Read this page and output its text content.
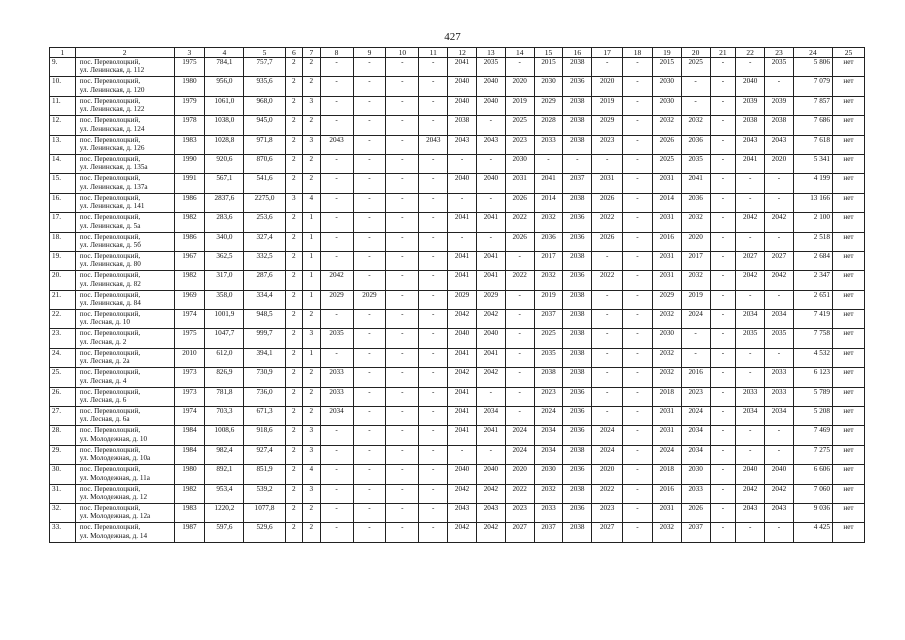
427
1	2	3	4	5	6	7	8	9	10	11	12	13	14	15	16	17	18	19	20	21	22	23	24	25
9.	пос. Переволоцкий,
ул. Ленинская, д. 112	1975	784,1	757,7	2	2	-	-	-	-	2041	2035	-	2015	2038	-	-	2015	2025	-	-	2035	5 806	нет
10.	пос. Переволоцкий,
ул. Ленинская, д. 120	1980	956,0	935,6	2	2	-	-	-	-	2040	2040	2020	2030	2036	2020	-	2030	-	-	2040	-	7 079	нет
11.	пос. Переволоцкий,
ул. Ленинская, д. 122	1979	1061,0	968,0	2	3	-	-	-	-	2040	2040	2019	2029	2038	2019	-	2030	-	-	2039	2039	7 857	нет
12.	пос. Переволоцкий,
ул. Ленинская, д. 124	1978	1038,0	945,0	2	2	-	-	-	-	2038	-	2025	2028	2038	2029	-	2032	2032	-	2038	2038	7 686	нет
13.	пос. Переволоцкий,
ул. Ленинская, д. 126	1983	1028,8	971,8	2	3	2043	-	-	2043	2043	2043	2023	2033	2038	2023	-	2026	2036	-	2043	2043	7 618	нет
14.	пос. Переволоцкий,
ул. Ленинская, д. 135а	1990	920,6	870,6	2	2	-	-	-	-	-	-	2030	-	-	-	-	2025	2035	-	2041	2020	5 341	нет
15.	пос. Переволоцкий,
ул. Ленинская, д. 137а	1991	567,1	541,6	2	2	-	-	-	-	2040	2040	2031	2041	2037	2031	-	2031	2041	-	-	-	4 199	нет
16.	пос. Переволоцкий,
ул. Ленинская, д. 141	1986	2837,6	2275,0	3	4	-	-	-	-	-	-	2026	2014	2038	2026	-	2014	2036	-	-	-	13 166	нет
17.	пос. Переволоцкий,
ул. Ленинская, д. 5а	1982	283,6	253,6	2	1	-	-	-	-	2041	2041	2022	2032	2036	2022	-	2031	2032	-	2042	2042	2 100	нет
18.	пос. Переволоцкий,
ул. Ленинская, д. 5б	1986	340,0	327,4	2	1	-	-	-	-	-	-	2026	2036	2036	2026	-	2016	2020	-	-	-	2 518	нет
19.	пос. Переволоцкий,
ул. Ленинская, д. 80	1967	362,5	332,5	2	1	-	-	-	-	2041	2041	-	2017	2038	-	-	2031	2017	-	2027	2027	2 684	нет
20.	пос. Переволоцкий,
ул. Ленинская, д. 82	1982	317,0	287,6	2	1	2042	-	-	-	2041	2041	2022	2032	2036	2022	-	2031	2032	-	2042	2042	2 347	нет
21.	пос. Переволоцкий,
ул. Ленинская, д. 84	1969	358,0	334,4	2	1	2029	2029	-	-	2029	2029	-	2019	2038	-	-	2029	2019	-	-	-	2 651	нет
22.	пос. Переволоцкий,
ул. Лесная, д. 10	1974	1001,9	948,5	2	2	-	-	-	-	2042	2042	-	2037	2038	-	-	2032	2024	-	2034	2034	7 419	нет
23.	пос. Переволоцкий,
ул. Лесная, д. 2	1975	1047,7	999,7	2	3	2035	-	-	-	2040	2040	-	2025	2038	-	-	2030	-	-	2035	2035	7 758	нет
24.	пос. Переволоцкий,
ул. Лесная, д. 2а	2010	612,0	394,1	2	1	-	-	-	-	2041	2041	-	2035	2038	-	-	2032	-	-	-	-	4 532	нет
25.	пос. Переволоцкий,
ул. Лесная, д. 4	1973	826,9	730,9	2	2	2033	-	-	-	2042	2042	-	2038	2038	-	-	2032	2016	-	-	2033	6 123	нет
26.	пос. Переволоцкий,
ул. Лесная, д. 6	1973	781,8	736,0	2	2	2033	-	-	-	2041	-	-	2023	2036	-	-	2018	2023	-	2033	2033	5 789	нет
27.	пос. Переволоцкий,
ул. Лесная, д. 6а	1974	703,3	671,3	2	2	2034	-	-	-	2041	2034	-	2024	2036	-	-	2031	2024	-	2034	2034	5 208	нет
28.	пос. Переволоцкий,
ул. Молодежная, д. 10	1984	1008,6	918,6	2	3	-	-	-	-	2041	2041	2024	2034	2036	2024	-	2031	2034	-	-	-	7 469	нет
29.	пос. Переволоцкий,
ул. Молодежная, д. 10а	1984	982,4	927,4	2	3	-	-	-	-	-	-	2024	2034	2038	2024	-	2024	2034	-	-	-	7 275	нет
30.	пос. Переволоцкий,
ул. Молодежная, д. 11а	1980	892,1	851,9	2	4	-	-	-	-	2040	2040	2020	2030	2036	2020	-	2018	2030	-	2040	2040	6 606	нет
31.	пос. Переволоцкий,
ул. Молодежная, д. 12	1982	953,4	539,2	2	3	-	-	-	-	2042	2042	2022	2032	2038	2022	-	2016	2033	-	2042	2042	7 060	нет
32.	пос. Переволоцкий,
ул. Молодежная, д. 12а	1983	1220,2	1077,8	2	2	-	-	-	-	2043	2043	2023	2033	2036	2023	-	2031	2026	-	2043	2043	9 036	нет
33.	пос. Переволоцкий,
ул. Молодежная, д. 14	1987	597,6	529,6	2	2	-	-	-	-	2042	2042	2027	2037	2038	2027	-	2032	2037	-	-	-	4 425	нет
